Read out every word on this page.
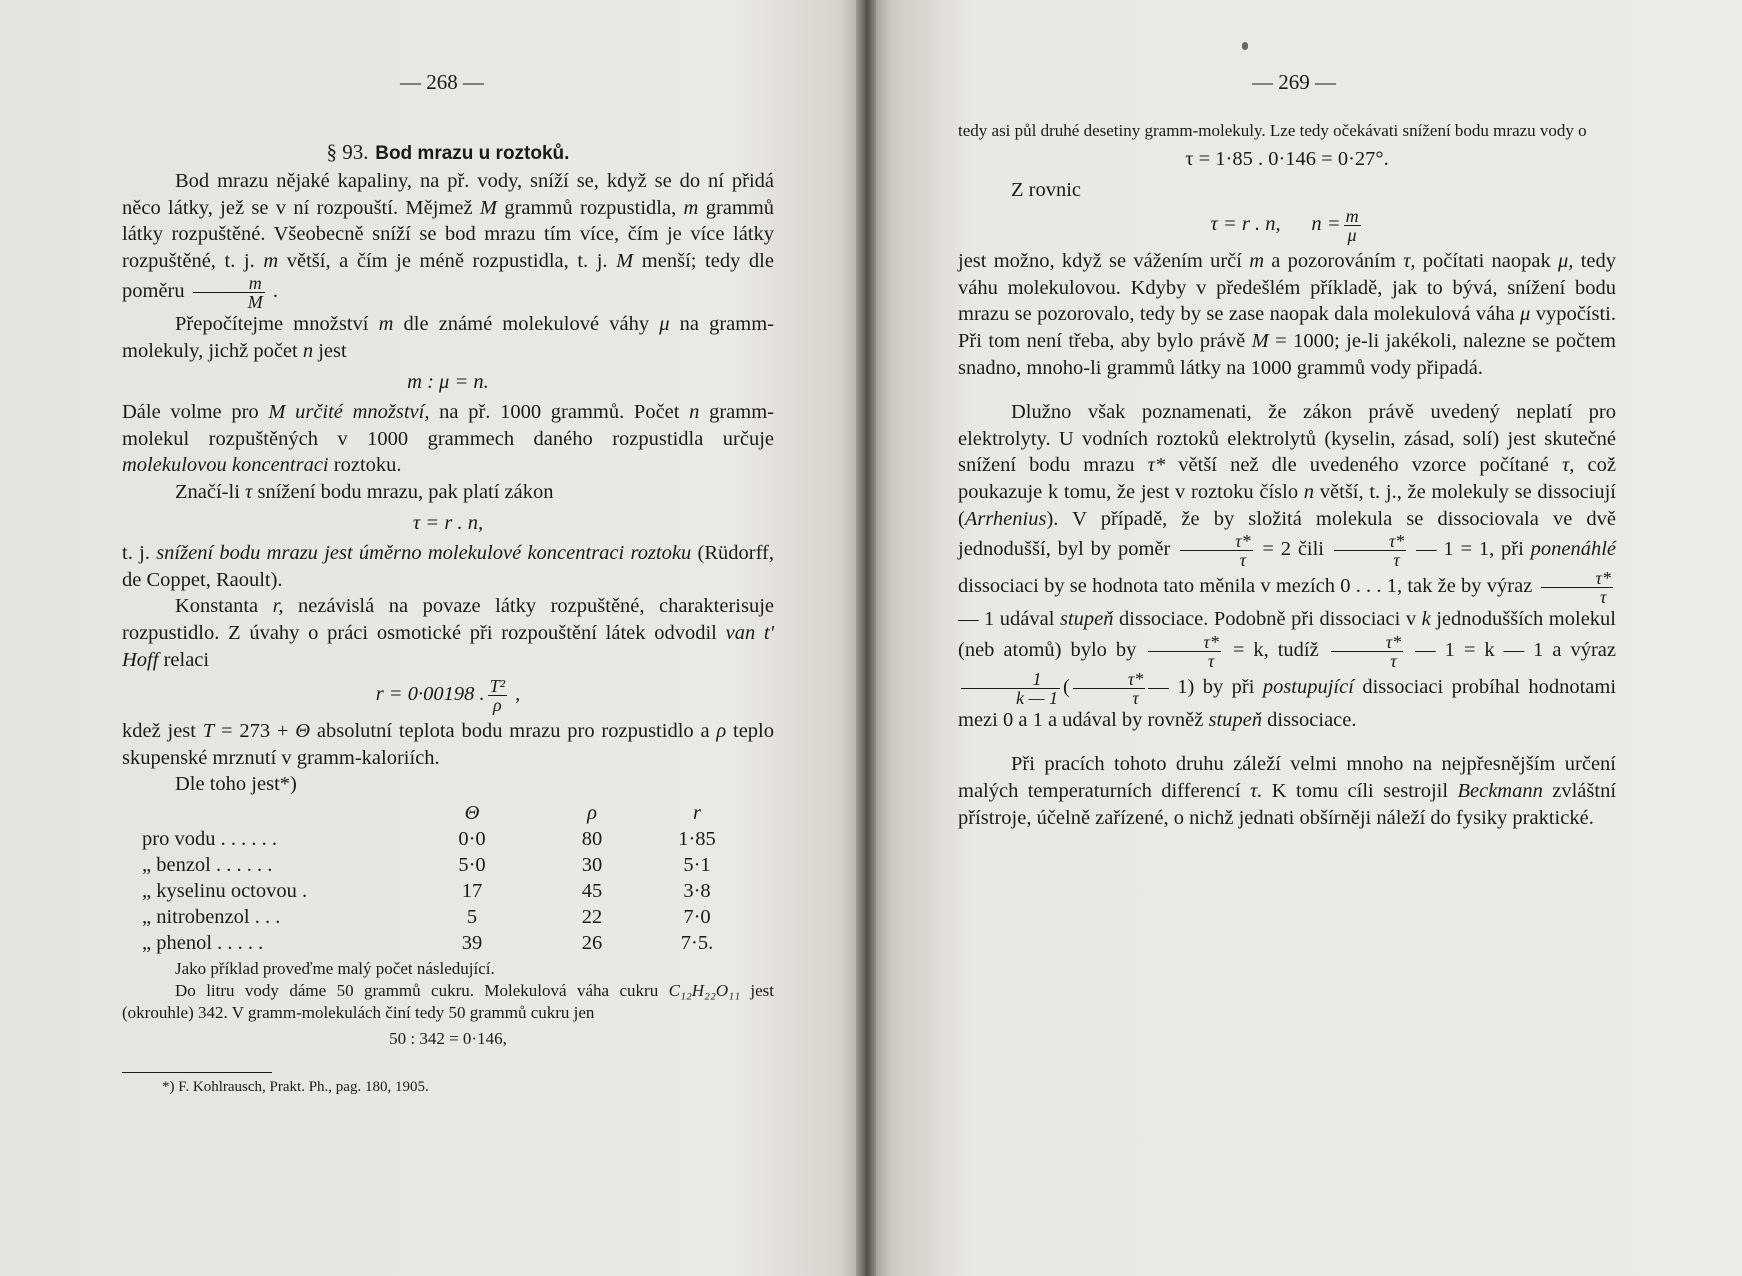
— 268 —
§ 93. Bod mrazu u roztoků.

Bod mrazu nějaké kapaliny, na př. vody, sníží se, když se do ní přidá něco látky, jež se v ní rozpouští. Mějmež M grammů rozpustidla, m grammů látky rozpuštěné. Všeobecně sníží se bod mrazu tím více, čím je více látky rozpuštěné, t. j. m větší, a čím je méně rozpustidla, t. j. M menší; tedy dle poměru $\frac{m}{M}$ .

Přepočítejme množství m dle známé molekulové váhy μ na gramm-molekuly, jichž počet n jest

m : μ = n.

Dále volme pro M určité množství, na př. 1000 grammů. Počet n gramm-molekul rozpuštěných v 1000 grammech daného rozpustidla určuje molekulovou koncentraci roztoku.

Značí-li τ snížení bodu mrazu, pak platí zákon

τ = r . n,

t. j. snížení bodu mrazu jest úměrno molekulové koncentraci roztoku (Rüdorff, de Coppet, Raoult).

Konstanta r, nezávislá na povaze látky rozpuštěné, charakterisuje rozpustidlo. Z úvahy o práci osmotické při rozpouštění látek odvodil van t' Hoff relaci

r = 0·00198 . $\frac{\text{T²}}{\rho}$ ,

kdež jest T = 273 + Θ absolutní teplota bodu mrazu pro rozpustidlo a ρ teplo skupenské mrznutí v gramm-kaloriích.

Dle toho jest*)

	Θ	ρ	r
pro vodu . . . . . .	0·0	80	1·85
„ benzol . . . . . .	5·0	30	5·1
„ kyselinu octovou .	17	45	3·8
„ nitrobenzol . . .	5	22	7·0
„ phenol . . . . .	39	26	7·5.

Jako příklad proveďme malý počet následující.

Do litru vody dáme 50 grammů cukru. Molekulová váha cukru C₁₂H₂₂O₁₁ jest (okrouhle) 342. V gramm-molekulách činí tedy 50 grammů cukru jen

50 : 342 = 0·146,

*) F. Kohlrausch, Prakt. Ph., pag. 180, 1905.

— 269 —

tedy asi půl druhé desetiny gramm-molekuly. Lze tedy očekávati snížení bodu mrazu vody o

τ = 1·85 . 0·146 = 0·27°.

Z rovnic

τ = r . n, $n = \frac{m}{\mu}$

jest možno, když se vážením určí m a pozorováním τ, počítati naopak μ, tedy váhu molekulovou. Kdyby v předešlém příkladě, jak to bývá, snížení bodu mrazu se pozorovalo, tedy by se zase naopak dala molekulová váha μ vypočísti. Při tom není třeba, aby bylo právě M = 1000; je-li jakékoli, nalezne se počtem snadno, mnoho-li grammů látky na 1000 grammů vody připadá.

Dlužno však poznamenati, že zákon právě uvedený neplatí pro elektrolyty. U vodních roztoků elektrolytů (kyselin, zásad, solí) jest skutečné snížení bodu mrazu τ* větší než dle uvedeného vzorce počítané τ, což poukazuje k tomu, že jest v roztoku číslo n větší, t. j., že molekuly se dissociují (Arrhenius). V případě, že by složitá molekula se dissociovala ve dvě jednodušší, byl by poměr $\frac{\tau*}{\tau} = 2$ čili $\frac{\tau*}{\tau}$ — 1 = 1, při ponenáhlé dissociaci by se hodnota tato měnila v mezích 0 . . . 1, tak že by výraz $\frac{\tau*}{\tau}$
— 1 udával stupeň dissociace. Podobně při dissociaci v k jednodušších molekul (neb atomů) bylo by $\frac{\tau*}{\tau} = k$, tudíž $\frac{\tau*}{\tau}$ — 1 = k — 1 a výraz
$\frac{1}{k — 1}$ ( $\frac{\tau*}{\tau}$ — 1) by při postupující dissociaci probíhal hodnotami mezi 0 a 1 a udával by rovněž stupeň dissociace.

Při pracích tohoto druhu záleží velmi mnoho na nejpřesnějším určení malých temperaturních differencí τ. K tomu cíli sestrojil Beckmann zvláštní přístroje, účelně zařízené, o nichž jednati obšírněji náleží do fysiky praktické.
